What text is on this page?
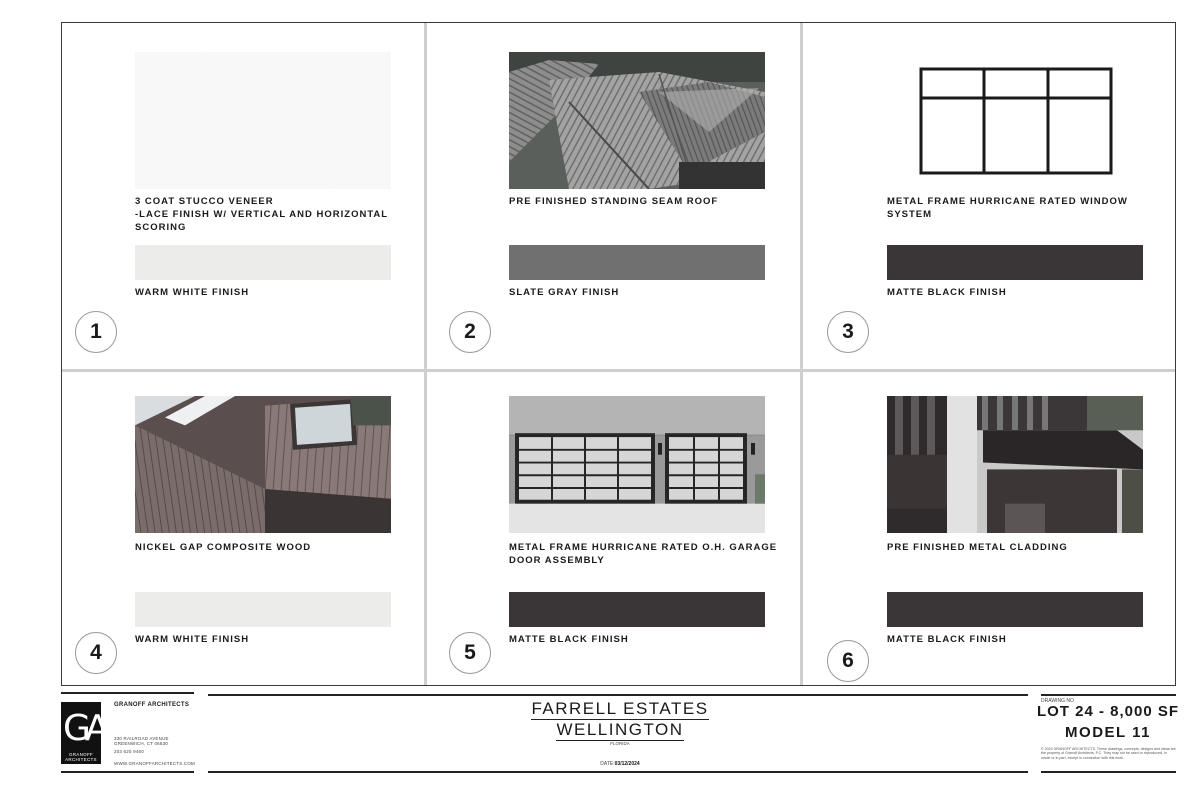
3 COAT STUCCO VENEER
-LACE FINISH W/ VERTICAL AND HORIZONTAL SCORING
WARM WHITE FINISH
1
PRE FINISHED STANDING SEAM ROOF
SLATE GRAY FINISH
2
METAL FRAME HURRICANE RATED WINDOW SYSTEM
MATTE BLACK FINISH
3
NICKEL GAP COMPOSITE WOOD
WARM WHITE FINISH
4
METAL FRAME HURRICANE RATED O.H. GARAGE DOOR ASSEMBLY
MATTE BLACK FINISH
5
PRE FINISHED METAL CLADDING
MATTE BLACK FINISH
6
GA
GRANOFF ARCHITECTS
GRANOFF ARCHITECTS
330 RAILROAD AVENUE
GREENWICH, CT 06830
203 625 9460
WWW.GRANOFFARCHITECTS.COM
FARRELL ESTATES
WELLINGTON
FLORIDA
DATE:03/12/2024
DRAWING NO
LOT 24 - 8,000 SF
MODEL 11
© 2024 GRANOFF ARCHITECTS. These drawings, concepts, designs and ideas are the property of Granoff Architects, P.C. They may not be used or reproduced, in whole or in part, except in connection with this work.
